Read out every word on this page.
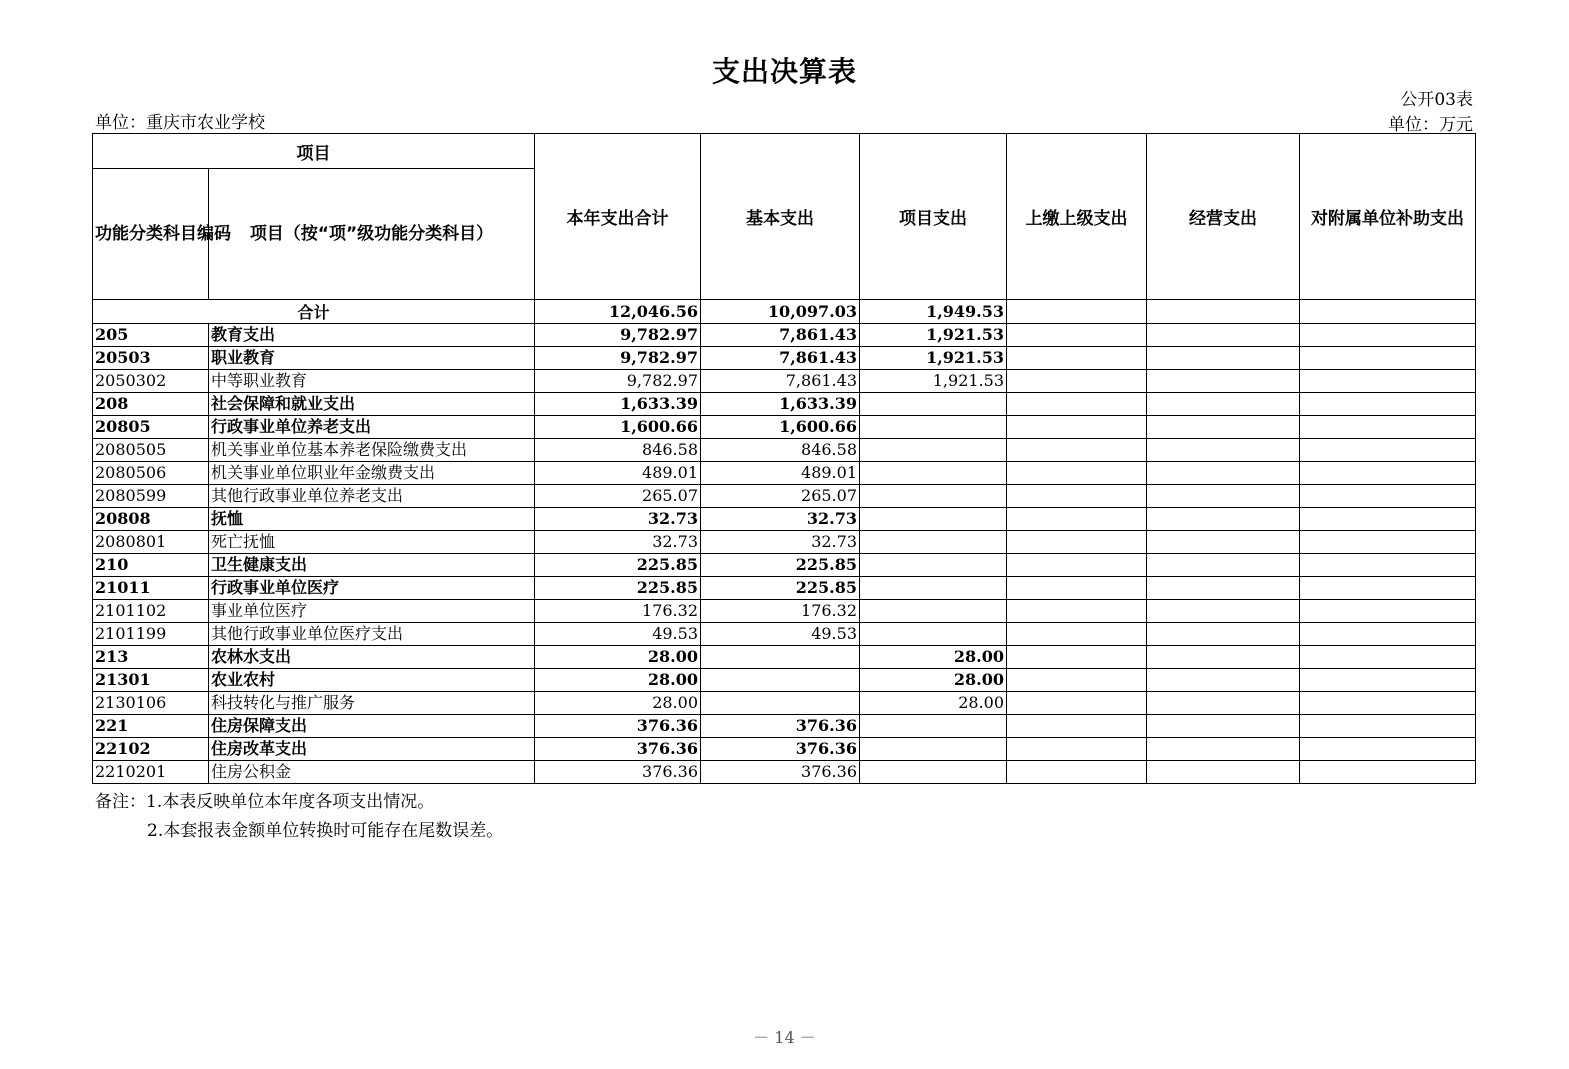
支出决算表
公开03表
单位：重庆市农业学校	单位：万元
项目		本年支出合计	基本支出	项目支出	上缴上级支出	经营支出	对附属单位补助支出
功能分类科目编码	项目（按“项”级功能分类科目）						
合计		12,046.56	10,097.03	1,949.53			
205	教育支出	9,782.97	7,861.43	1,921.53			
20503	职业教育	9,782.97	7,861.43	1,921.53			
2050302	中等职业教育	9,782.97	7,861.43	1,921.53			
208	社会保障和就业支出	1,633.39	1,633.39				
20805	行政事业单位养老支出	1,600.66	1,600.66				
2080505	机关事业单位基本养老保险缴费支出	846.58	846.58				
2080506	机关事业单位职业年金缴费支出	489.01	489.01				
2080599	其他行政事业单位养老支出	265.07	265.07				
20808	抚恤	32.73	32.73				
2080801	死亡抚恤	32.73	32.73				
210	卫生健康支出	225.85	225.85				
21011	行政事业单位医疗	225.85	225.85				
2101102	事业单位医疗	176.32	176.32				
2101199	其他行政事业单位医疗支出	49.53	49.53				
213	农林水支出	28.00		28.00			
21301	农业农村	28.00		28.00			
2130106	科技转化与推广服务	28.00		28.00			
221	住房保障支出	376.36	376.36				
22102	住房改革支出	376.36	376.36				
2210201	住房公积金	376.36	376.36				
备注：1.本表反映单位本年度各项支出情况。
2.本套报表金额单位转换时可能存在尾数误差。
－ 14 －
